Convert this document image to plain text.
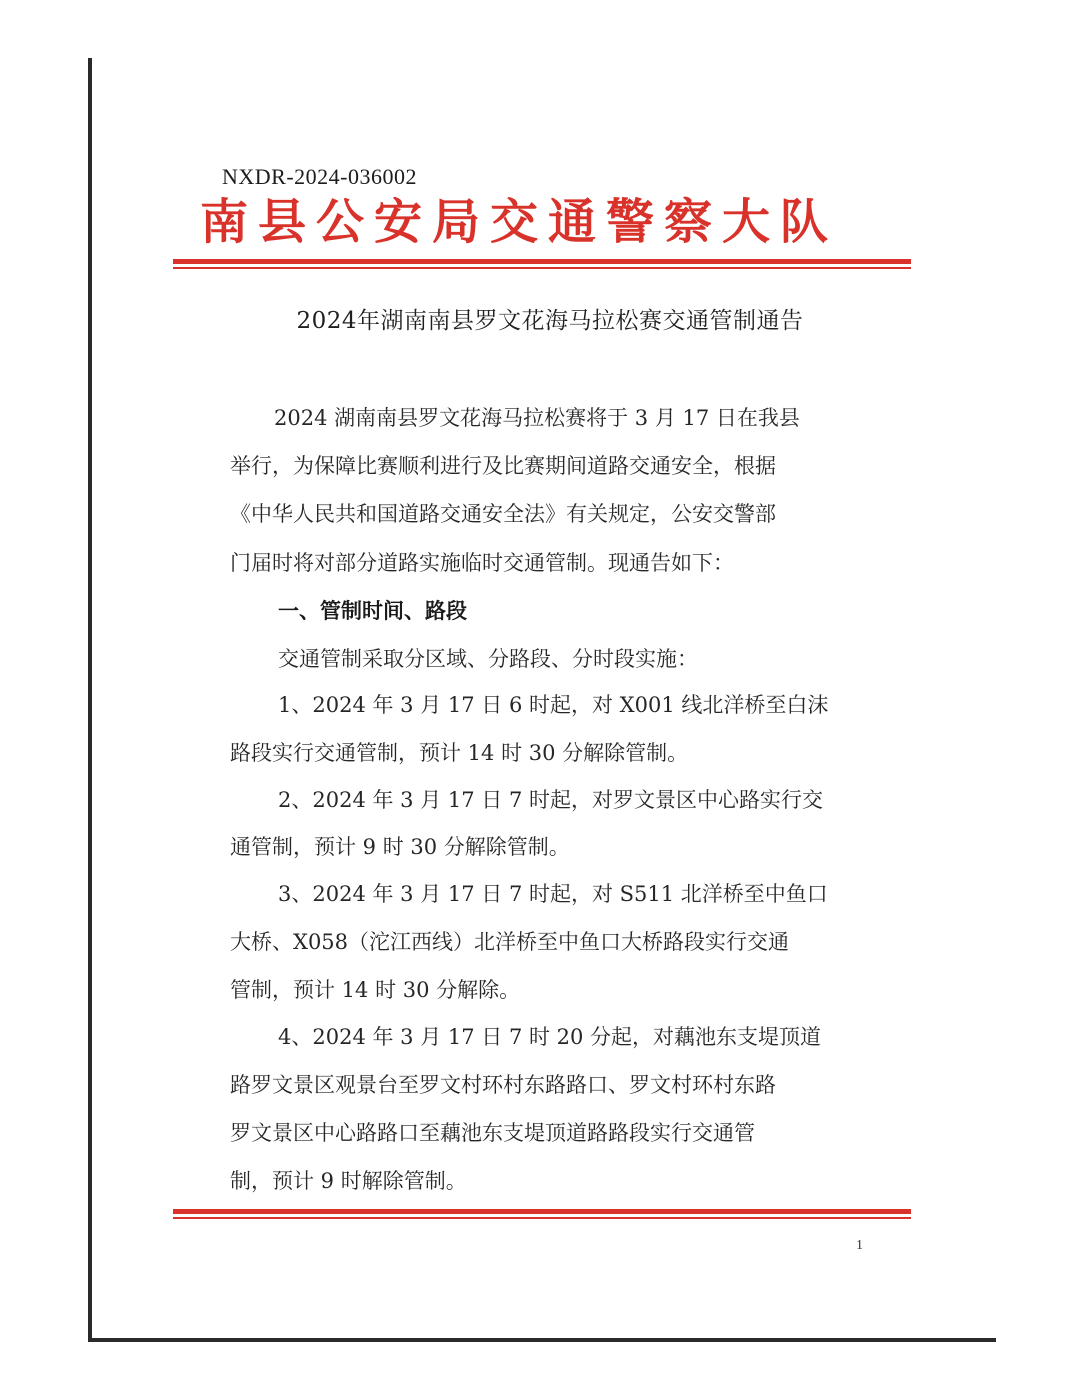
NXDR-2024-036002
南县公安局交通警察大队
2024年湖南南县罗文花海马拉松赛交通管制通告
2024 湖南南县罗文花海马拉松赛将于 3 月 17 日在我县
举行，为保障比赛顺利进行及比赛期间道路交通安全，根据
《中华人民共和国道路交通安全法》有关规定，公安交警部
门届时将对部分道路实施临时交通管制。现通告如下：
一、管制时间、路段
交通管制采取分区域、分路段、分时段实施：
1、2024 年 3 月 17 日 6 时起，对 X001 线北洋桥至白沫
路段实行交通管制，预计 14 时 30 分解除管制。
2、2024 年 3 月 17 日 7 时起，对罗文景区中心路实行交
通管制，预计 9 时 30 分解除管制。
3、2024 年 3 月 17 日 7 时起，对 S511 北洋桥至中鱼口
大桥、X058（沱江西线）北洋桥至中鱼口大桥路段实行交通
管制，预计 14 时 30 分解除。
4、2024 年 3 月 17 日 7 时 20 分起，对藕池东支堤顶道
路罗文景区观景台至罗文村环村东路路口、罗文村环村东路
罗文景区中心路路口至藕池东支堤顶道路路段实行交通管
制，预计 9 时解除管制。
1
